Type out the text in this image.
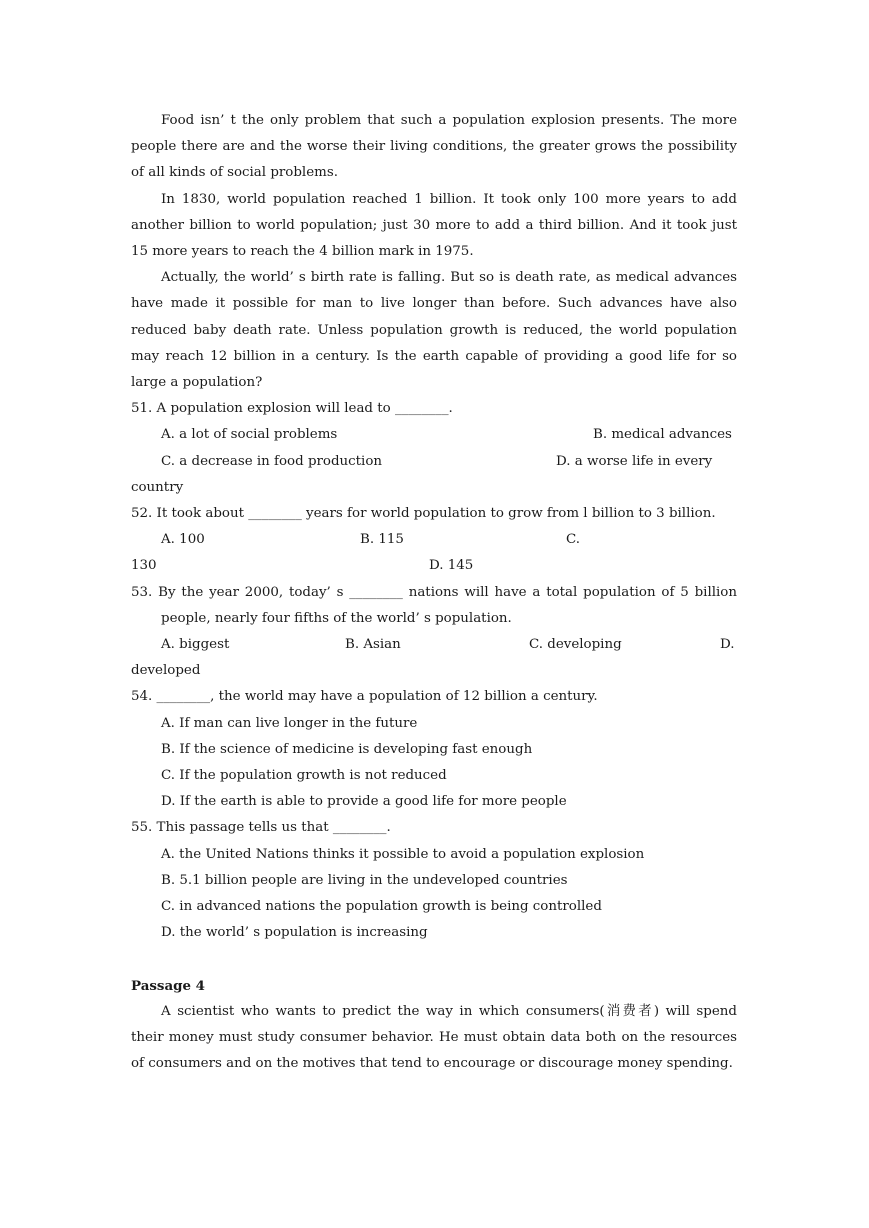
Food isn’ t the only problem that such a population explosion presents. The more people there are and the worse their living conditions, the greater grows the possibility of all kinds of social problems.

In 1830, world population reached 1 billion. It took only 100 more years to add another billion to world population; just 30 more to add a third billion. And it took just 15 more years to reach the 4 billion mark in 1975.

Actually, the world’ s birth rate is falling. But so is death rate, as medical advances have made it possible for man to live longer than before. Such advances have also reduced baby death rate. Unless population growth is reduced, the world population may reach 12 billion in a century. Is the earth capable of providing a good life for so large a population?

51. A population explosion will lead to ________.

A. a lot of social problems	B. medical advances
C. a decrease in food production	D. a worse life in every

country

52. It took about ________ years for world population to grow from l billion to 3 billion.

A. 100	B. 115	C.
130	D. 145

53. By the year 2000, today’ s ________ nations will have a total population of 5 billion people, nearly four fifths of the world’ s population.

A. biggest	B. Asian	C. developing	D.

developed

54. ________, the world may have a population of 12 billion a century.

A. If man can live longer in the future

B. If the science of medicine is developing fast enough

C. If the population growth is not reduced

D. If the earth is able to provide a good life for more people

55. This passage tells us that ________.

A. the United Nations thinks it possible to avoid a population explosion

B. 5.1 billion people are living in the undeveloped countries

C. in advanced nations the population growth is being controlled

D. the world’ s population is increasing

Passage 4

A scientist who wants to predict the way in which consumers(消费者) will spend their money must study consumer behavior. He must obtain data both on the resources of consumers and on the motives that tend to encourage or discourage money spending.
